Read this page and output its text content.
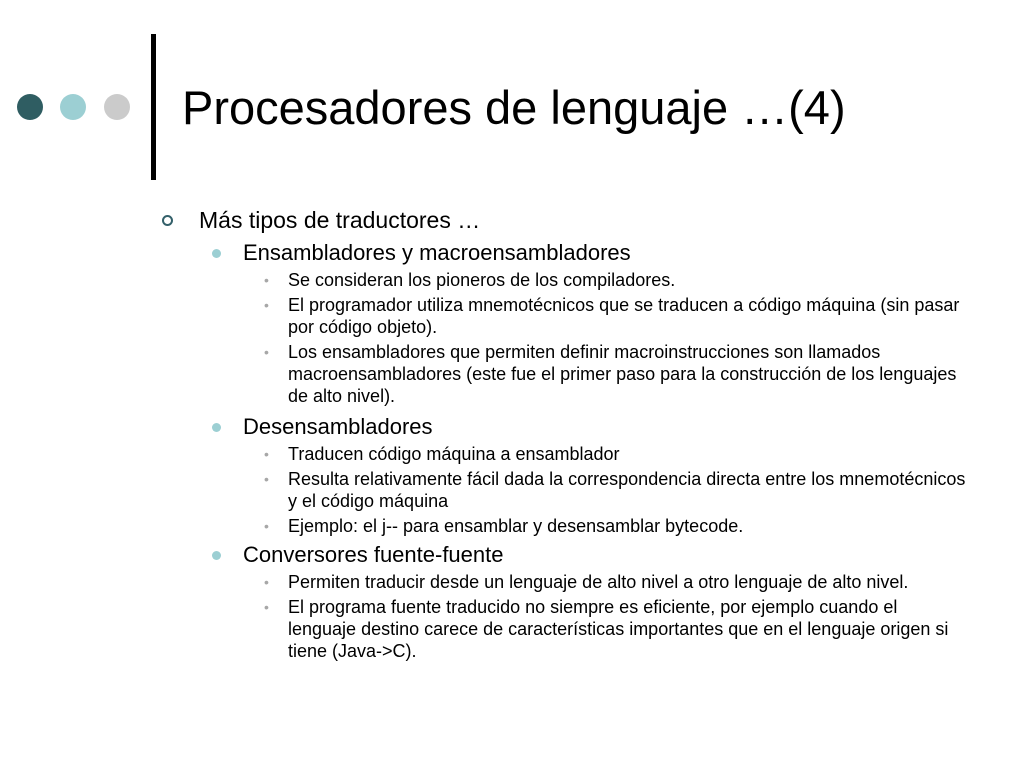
Procesadores de lenguaje …(4)
Más tipos de traductores …
Ensambladores y macroensambladores
• Se consideran los pioneros de los compiladores.
• El programador utiliza mnemotécnicos que se traducen a código máquina (sin pasar por código objeto).
• Los ensambladores que permiten definir macroinstrucciones son llamados macroensambladores (este fue el primer paso para la construcción de los lenguajes de alto nivel).
Desensambladores
• Traducen código máquina a ensamblador
• Resulta relativamente fácil dada la correspondencia directa entre los mnemotécnicos y el código máquina
• Ejemplo: el j-- para ensamblar y desensamblar bytecode.
Conversores fuente-fuente
• Permiten traducir desde un lenguaje de alto nivel a otro lenguaje de alto nivel.
• El programa fuente traducido no siempre es eficiente, por ejemplo cuando el lenguaje destino carece de características importantes que en el lenguaje origen si tiene (Java->C).
